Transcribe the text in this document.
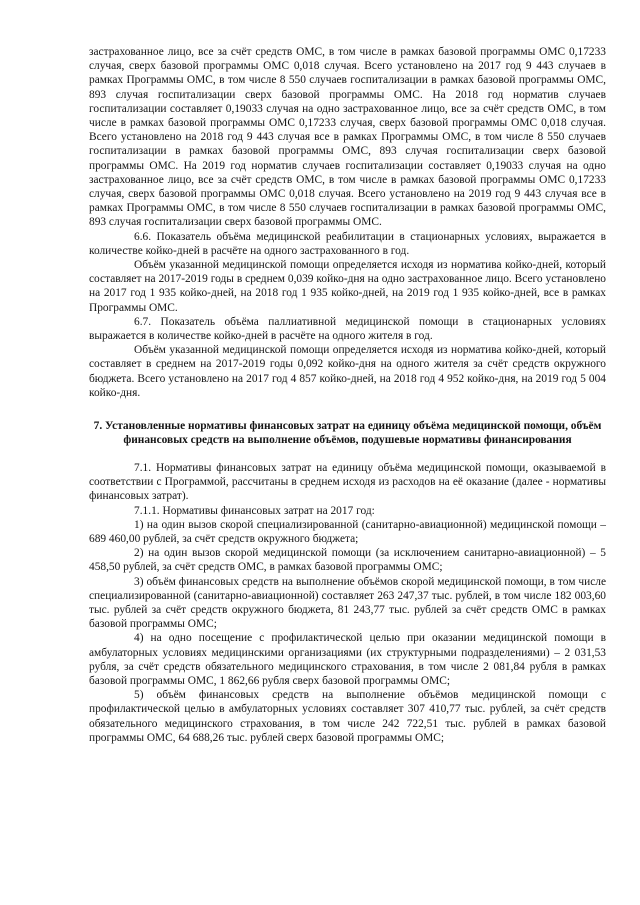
застрахованное лицо, все за счёт средств ОМС, в том числе в рамках базовой программы ОМС 0,17233 случая, сверх базовой программы ОМС 0,018 случая. Всего установлено на 2017 год 9 443 случаев в рамках Программы ОМС, в том числе 8 550 случаев госпитализации в рамках базовой программы ОМС, 893 случая госпитализации сверх базовой программы ОМС. На 2018 год норматив случаев госпитализации составляет 0,19033 случая на одно застрахованное лицо, все за счёт средств ОМС, в том числе в рамках базовой программы ОМС 0,17233 случая, сверх базовой программы ОМС 0,018 случая. Всего установлено на 2018 год 9 443 случая все в рамках Программы ОМС, в том числе 8 550 случаев госпитализации в рамках базовой программы ОМС, 893 случая госпитализации сверх базовой программы ОМС. На 2019 год норматив случаев госпитализации составляет 0,19033 случая на одно застрахованное лицо, все за счёт средств ОМС, в том числе в рамках базовой программы ОМС 0,17233 случая, сверх базовой программы ОМС 0,018 случая. Всего установлено на 2019 год 9 443 случая все в рамках Программы ОМС, в том числе 8 550 случаев госпитализации в рамках базовой программы ОМС, 893 случая госпитализации сверх базовой программы ОМС.

6.6. Показатель объёма медицинской реабилитации в стационарных условиях, выражается в количестве койко-дней в расчёте на одного застрахованного в год.

Объём указанной медицинской помощи определяется исходя из норматива койко-дней, который составляет на 2017-2019 годы в среднем 0,039 койко-дня на одно застрахованное лицо. Всего установлено на 2017 год 1 935 койко-дней, на 2018 год 1 935 койко-дней, на 2019 год 1 935 койко-дней, все в рамках Программы ОМС.

6.7. Показатель объёма паллиативной медицинской помощи в стационарных условиях выражается в количестве койко-дней в расчёте на одного жителя в год.

Объём указанной медицинской помощи определяется исходя из норматива койко-дней, который составляет в среднем на 2017-2019 годы 0,092 койко-дня на одного жителя за счёт средств окружного бюджета. Всего установлено на 2017 год 4 857 койко-дней, на 2018 год 4 952 койко-дня, на 2019 год 5 004 койко-дня.

7. Установленные нормативы финансовых затрат на единицу объёма медицинской помощи, объём финансовых средств на выполнение объёмов, подушевые нормативы финансирования

7.1. Нормативы финансовых затрат на единицу объёма медицинской помощи, оказываемой в соответствии с Программой, рассчитаны в среднем исходя из расходов на её оказание (далее - нормативы финансовых затрат).

7.1.1. Нормативы финансовых затрат на 2017 год:

1) на один вызов скорой специализированной (санитарно-авиационной) медицинской помощи – 689 460,00 рублей, за счёт средств окружного бюджета;

2) на один вызов скорой медицинской помощи (за исключением санитарно-авиационной) – 5 458,50 рублей, за счёт средств ОМС, в рамках базовой программы ОМС;

3) объём финансовых средств на выполнение объёмов скорой медицинской помощи, в том числе специализированной (санитарно-авиационной) составляет 263 247,37 тыс. рублей, в том числе 182 003,60 тыс. рублей за счёт средств окружного бюджета, 81 243,77 тыс. рублей за счёт средств ОМС в рамках базовой программы ОМС;

4) на одно посещение с профилактической целью при оказании медицинской помощи в амбулаторных условиях медицинскими организациями (их структурными подразделениями) – 2 031,53 рубля, за счёт средств обязательного медицинского страхования, в том числе 2 081,84 рубля в рамках базовой программы ОМС, 1 862,66 рубля сверх базовой программы ОМС;

5) объём финансовых средств на выполнение объёмов медицинской помощи с профилактической целью в амбулаторных условиях составляет 307 410,77 тыс. рублей, за счёт средств обязательного медицинского страхования, в том числе 242 722,51 тыс. рублей в рамках базовой программы ОМС, 64 688,26 тыс. рублей сверх базовой программы ОМС;
